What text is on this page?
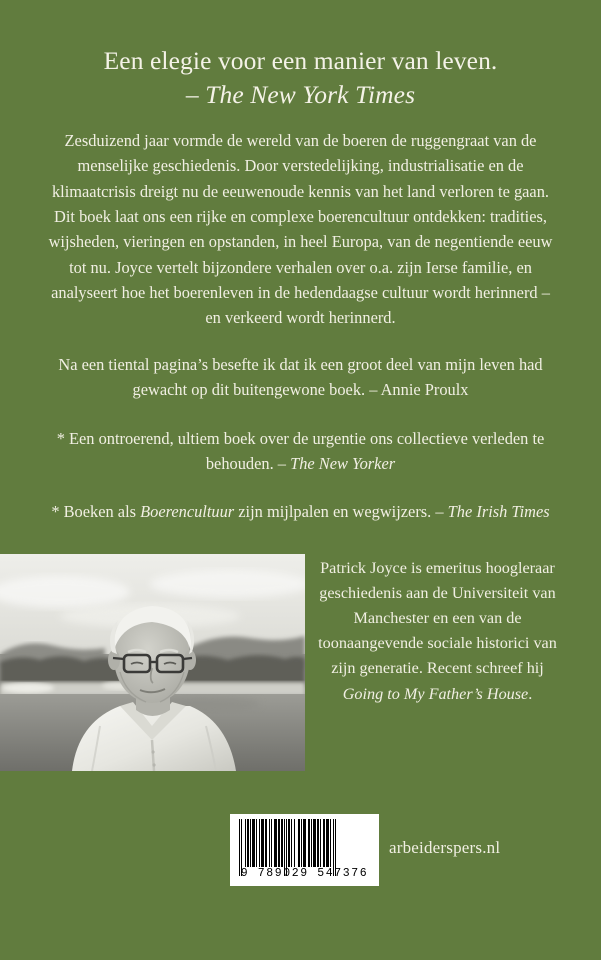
Een elegie voor een manier van leven.
– The New York Times
Zesduizend jaar vormde de wereld van de boeren de ruggengraat van de menselijke geschiedenis. Door verstedelijking, industrialisatie en de klimaatcrisis dreigt nu de eeuwenoude kennis van het land verloren te gaan. Dit boek laat ons een rijke en complexe boerencultuur ontdekken: tradities, wijsheden, vieringen en opstanden, in heel Europa, van de negentiende eeuw tot nu. Joyce vertelt bijzondere verhalen over o.a. zijn Ierse familie, en analyseert hoe het boerenleven in de hedendaagse cultuur wordt herinnerd – en verkeerd wordt herinnerd.

Na een tiental pagina’s besefte ik dat ik een groot deel van mijn leven had gewacht op dit buitengewone boek. – Annie Proulx

* Een ontroerend, ultiem boek over de urgentie ons collectieve verleden te behouden. – The New Yorker

* Boeken als Boerencultuur zijn mijlpalen en wegwijzers. – The Irish Times

Patrick Joyce is emeritus hoogleraar geschiedenis aan de Universiteit van Manchester en een van de toonaangevende sociale historici van zijn generatie. Recent schreef hij Going to My Father’s House.
9 789029 547376
arbeiderspers.nl
